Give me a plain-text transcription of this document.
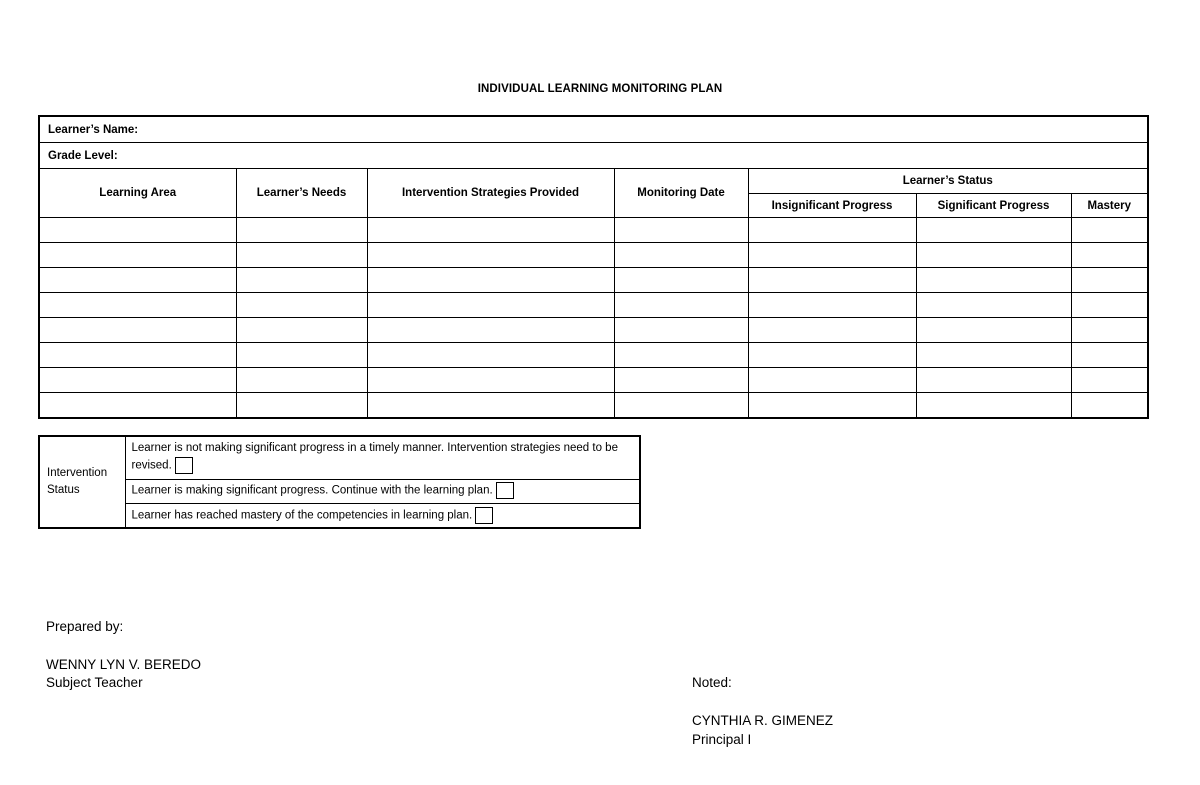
INDIVIDUAL LEARNING MONITORING PLAN
Learner’s Name:						
Grade Level:						
Learning Area	Learner’s Needs	Intervention Strategies Provided	Monitoring Date	Learner’s Status		
				Insignificant Progress	Significant Progress	Mastery

Intervention Status	Learner is not making significant progress in a timely manner. Intervention strategies need to be revised.
Learner is making significant progress. Continue with the learning plan.
Learner has reached mastery of the competencies in learning plan.
Prepared by:
WENNY LYN V. BEREDO
Subject Teacher	Noted:
CYNTHIA R. GIMENEZ
Principal I
